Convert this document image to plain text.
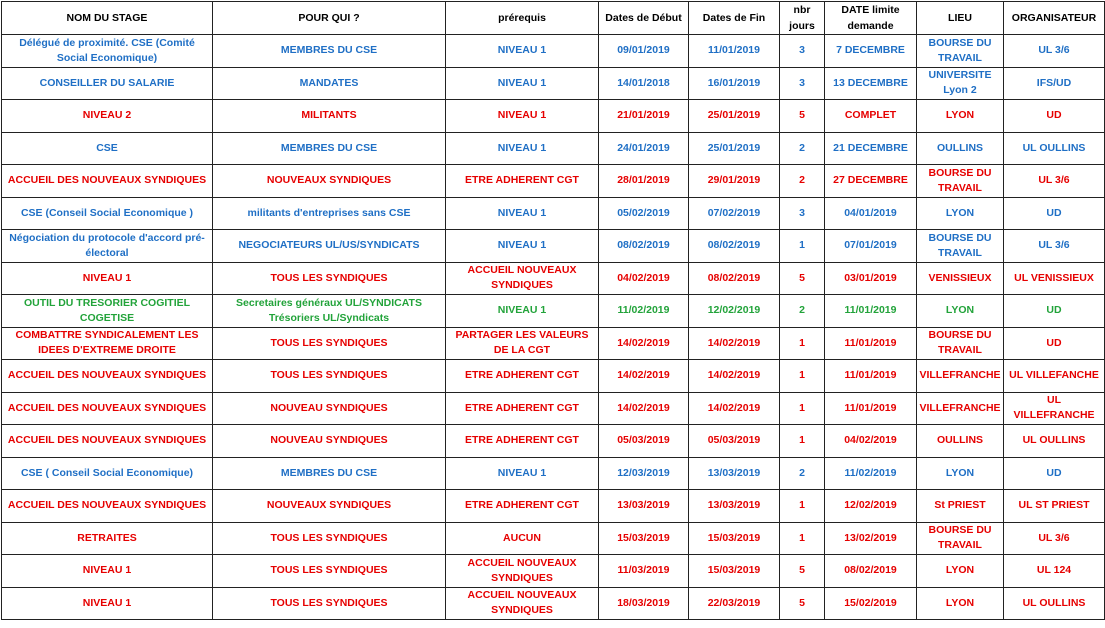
NOM DU STAGE	POUR QUI ?	prérequis	Dates de Début	Dates de Fin	nbr jours	DATE limite demande	LIEU	ORGANISATEUR
Délégué de proximité. CSE (Comité Social Economique)	MEMBRES DU CSE	NIVEAU 1	09/01/2019	11/01/2019	3	7 DECEMBRE	BOURSE DU TRAVAIL	UL 3/6
CONSEILLER DU SALARIE	MANDATES	NIVEAU 1	14/01/2018	16/01/2019	3	13 DECEMBRE	UNIVERSITE Lyon 2	IFS/UD
NIVEAU 2	MILITANTS	NIVEAU 1	21/01/2019	25/01/2019	5	COMPLET	LYON	UD
CSE	MEMBRES DU CSE	NIVEAU 1	24/01/2019	25/01/2019	2	21 DECEMBRE	OULLINS	UL OULLINS
ACCUEIL DES NOUVEAUX SYNDIQUES	NOUVEAUX SYNDIQUES	ETRE ADHERENT CGT	28/01/2019	29/01/2019	2	27 DECEMBRE	BOURSE DU TRAVAIL	UL 3/6
CSE (Conseil Social Economique )	militants d'entreprises sans CSE	NIVEAU 1	05/02/2019	07/02/2019	3	04/01/2019	LYON	UD
Négociation du protocole d'accord pré-électoral	NEGOCIATEURS UL/US/SYNDICATS	NIVEAU 1	08/02/2019	08/02/2019	1	07/01/2019	BOURSE DU TRAVAIL	UL 3/6
NIVEAU 1	TOUS LES SYNDIQUES	ACCUEIL NOUVEAUX SYNDIQUES	04/02/2019	08/02/2019	5	03/01/2019	VENISSIEUX	UL VENISSIEUX
OUTIL DU TRESORIER COGITIEL COGETISE	Secretaires généraux UL/SYNDICATS Trésoriers UL/Syndicats	NIVEAU 1	11/02/2019	12/02/2019	2	11/01/2019	LYON	UD
COMBATTRE SYNDICALEMENT LES IDEES D'EXTREME DROITE	TOUS LES SYNDIQUES	PARTAGER LES VALEURS DE LA CGT	14/02/2019	14/02/2019	1	11/01/2019	BOURSE DU TRAVAIL	UD
ACCUEIL DES NOUVEAUX SYNDIQUES	TOUS LES SYNDIQUES	ETRE ADHERENT CGT	14/02/2019	14/02/2019	1	11/01/2019	VILLEFRANCHE	UL VILLEFANCHE
ACCUEIL DES NOUVEAUX SYNDIQUES	NOUVEAU SYNDIQUES	ETRE ADHERENT CGT	14/02/2019	14/02/2019	1	11/01/2019	VILLEFRANCHE	UL VILLEFRANCHE
ACCUEIL DES NOUVEAUX SYNDIQUES	NOUVEAU SYNDIQUES	ETRE ADHERENT CGT	05/03/2019	05/03/2019	1	04/02/2019	OULLINS	UL OULLINS
CSE ( Conseil Social Economique)	MEMBRES DU CSE	NIVEAU 1	12/03/2019	13/03/2019	2	11/02/2019	LYON	UD
ACCUEIL DES NOUVEAUX SYNDIQUES	NOUVEAUX SYNDIQUES	ETRE ADHERENT CGT	13/03/2019	13/03/2019	1	12/02/2019	St PRIEST	UL ST PRIEST
RETRAITES	TOUS LES SYNDIQUES	AUCUN	15/03/2019	15/03/2019	1	13/02/2019	BOURSE DU TRAVAIL	UL 3/6
NIVEAU 1	TOUS LES SYNDIQUES	ACCUEIL NOUVEAUX SYNDIQUES	11/03/2019	15/03/2019	5	08/02/2019	LYON	UL 124
NIVEAU 1	TOUS LES SYNDIQUES	ACCUEIL NOUVEAUX SYNDIQUES	18/03/2019	22/03/2019	5	15/02/2019	LYON	UL OULLINS
